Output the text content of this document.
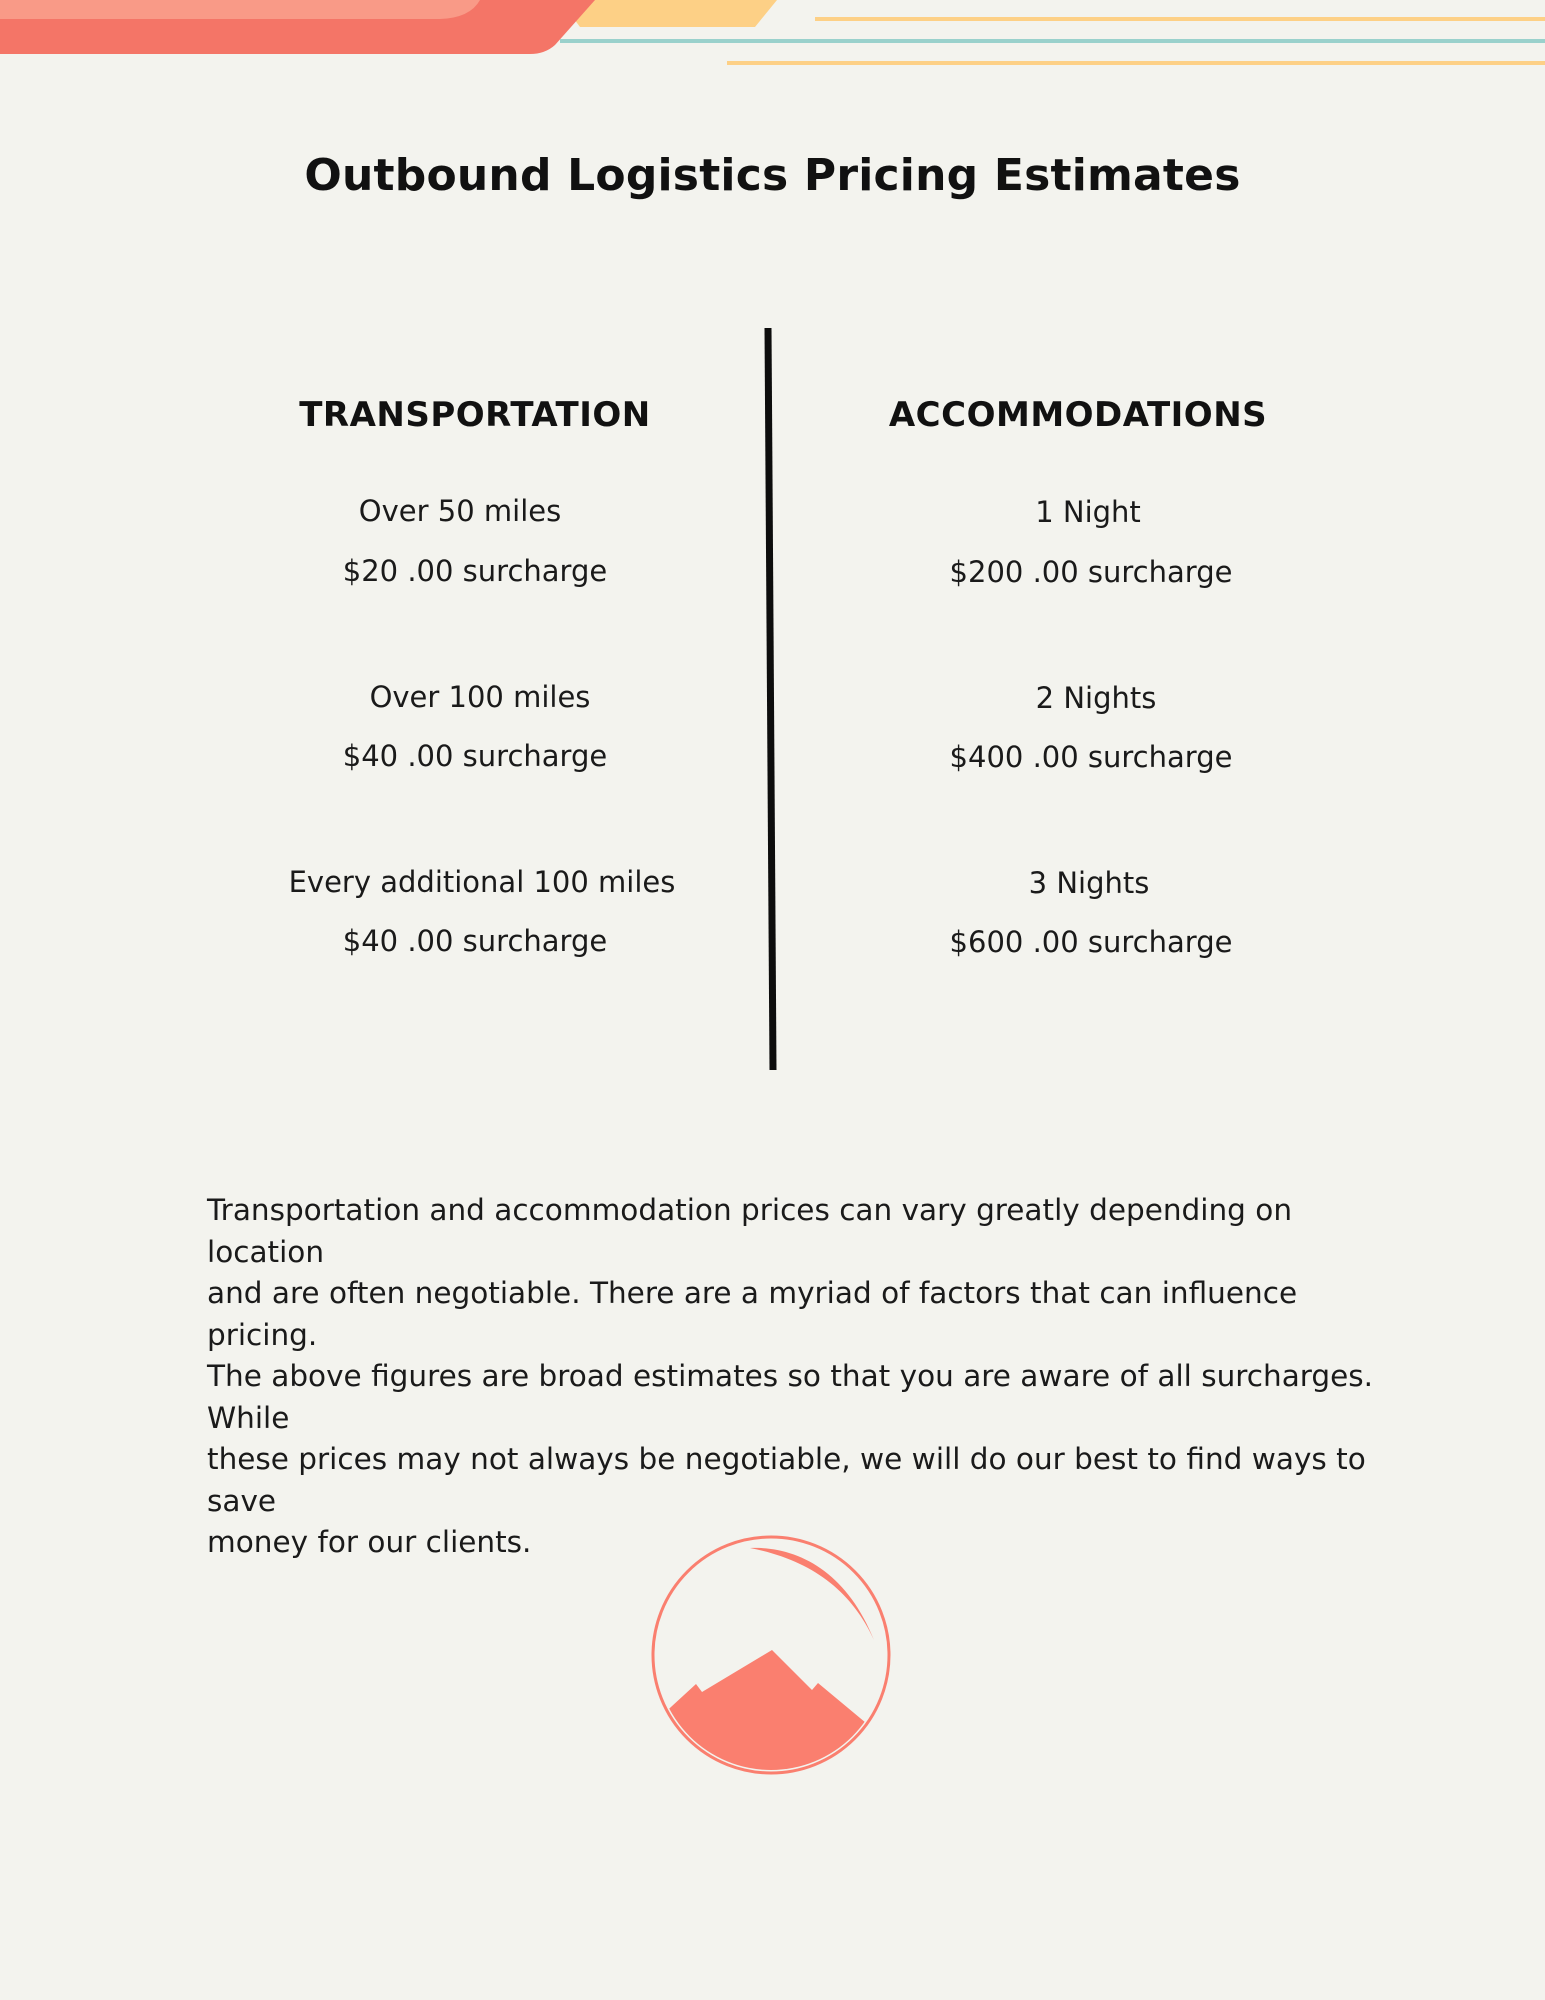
Outbound Logistics Pricing Estimates
TRANSPORTATION	ACCOMMODATIONS
Over 50 miles
$20 .00 surcharge
Over 100 miles
$40 .00 surcharge
Every additional 100 miles
$40 .00 surcharge
1 Night
$200 .00 surcharge
2 Nights
$400 .00 surcharge
3 Nights
$600 .00 surcharge

Transportation and accommodation prices can vary greatly depending on location
and are often negotiable. There are a myriad of factors that can influence pricing.
The above figures are broad estimates so that you are aware of all surcharges. While
these prices may not always be negotiable, we will do our best to find ways to save
money for our clients.
